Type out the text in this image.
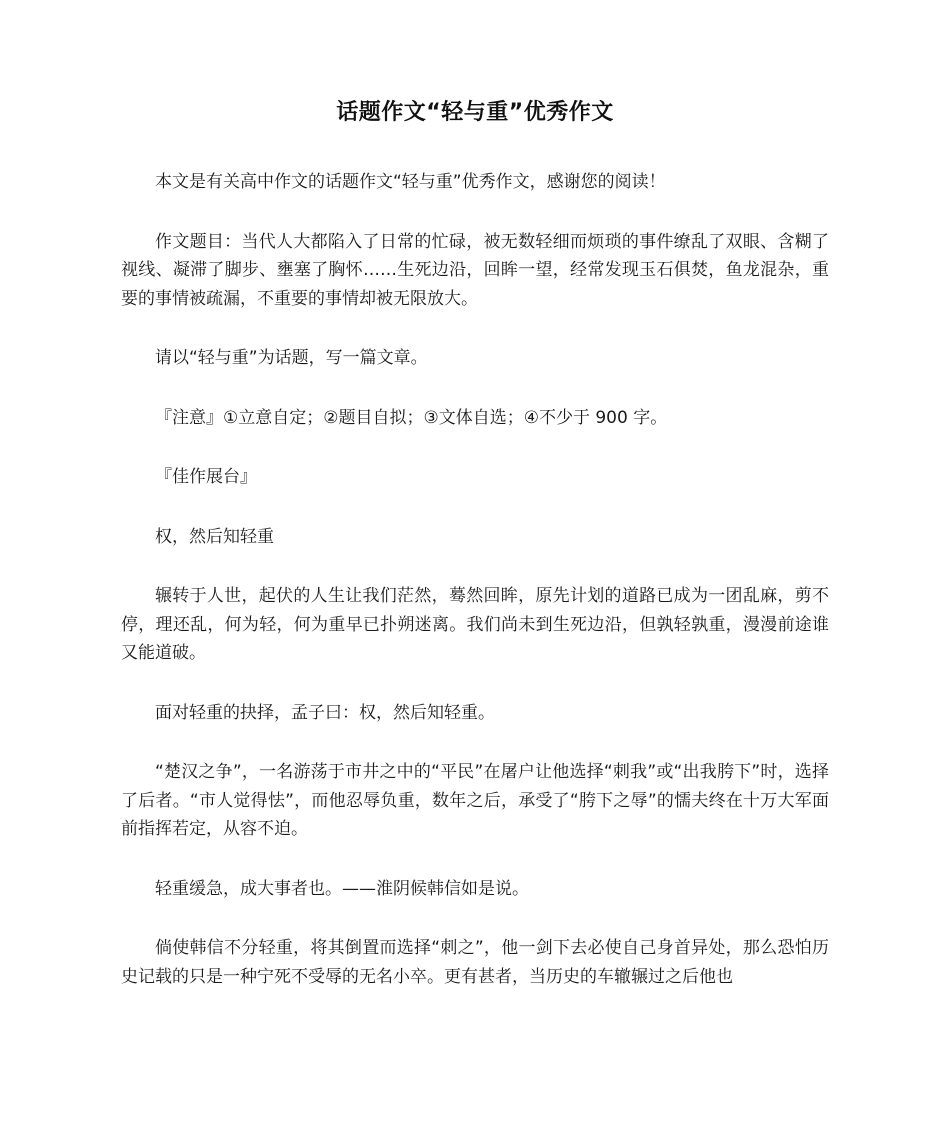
话题作文“轻与重”优秀作文

本文是有关高中作文的话题作文“轻与重”优秀作文，感谢您的阅读！

作文题目：当代人大都陷入了日常的忙碌，被无数轻细而烦琐的事件缭乱了双眼、含糊了视线、凝滞了脚步、壅塞了胸怀……生死边沿，回眸一望，经常发现玉石俱焚，鱼龙混杂，重要的事情被疏漏，不重要的事情却被无限放大。

请以“轻与重”为话题，写一篇文章。

『注意』①立意自定；②题目自拟；③文体自选；④不少于 900 字。

『佳作展台』

权，然后知轻重

辗转于人世，起伏的人生让我们茫然，蓦然回眸，原先计划的道路已成为一团乱麻，剪不停，理还乱，何为轻，何为重早已扑朔迷离。我们尚未到生死边沿，但孰轻孰重，漫漫前途谁又能道破。

面对轻重的抉择，孟子曰：权，然后知轻重。

“楚汉之争”，一名游荡于市井之中的“平民”在屠户让他选择“刺我”或“出我胯下”时，选择了后者。“市人觉得怯”，而他忍辱负重，数年之后，承受了“胯下之辱”的懦夫终在十万大军面前指挥若定，从容不迫。

轻重缓急，成大事者也。——淮阴候韩信如是说。

倘使韩信不分轻重，将其倒置而选择“刺之”，他一剑下去必使自己身首异处，那么恐怕历史记载的只是一种宁死不受辱的无名小卒。更有甚者，当历史的车辙辗过之后他也
